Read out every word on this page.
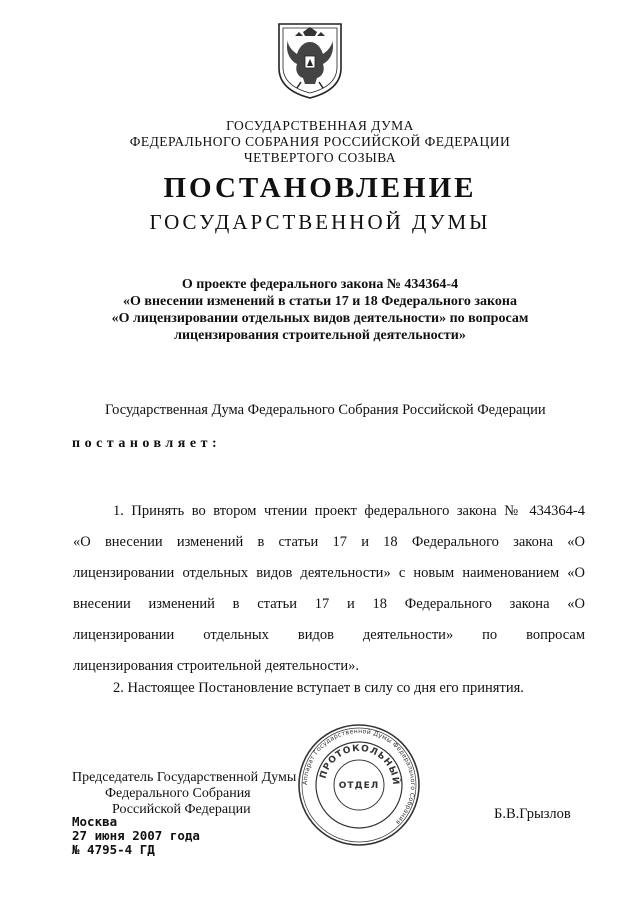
ГОСУДАРСТВЕННАЯ ДУМА
ФЕДЕРАЛЬНОГО СОБРАНИЯ РОССИЙСКОЙ ФЕДЕРАЦИИ
ЧЕТВЕРТОГО СОЗЫВА
ПОСТАНОВЛЕНИЕ
ГОСУДАРСТВЕННОЙ ДУМЫ
О проекте федерального закона № 434364-4
«О внесении изменений в статьи 17 и 18 Федерального закона
«О лицензировании отдельных видов деятельности» по вопросам
лицензирования строительной деятельности»
Государственная Дума Федерального Собрания Российской Федерации
постановляет:
1. Принять во втором чтении проект федерального закона № 434364-4
«О внесении изменений в статьи 17 и 18 Федерального закона «О
лицензировании отдельных видов деятельности» с новым наименованием «О
внесении изменений в статьи 17 и 18 Федерального закона «О
лицензировании отдельных видов деятельности» по вопросам
лицензирования строительной деятельности».
2. Настоящее Постановление вступает в силу со дня его принятия.
Председатель Государственной Думы
Федерального Собрания
Российской Федерации	Б.В.Грызлов
Москва
27 июня 2007 года
№ 4795-4 ГД
Аппарат Государственной Думы Федерального Собрания
ПРОТОКОЛЬНЫЙ
ОТДЕЛ
